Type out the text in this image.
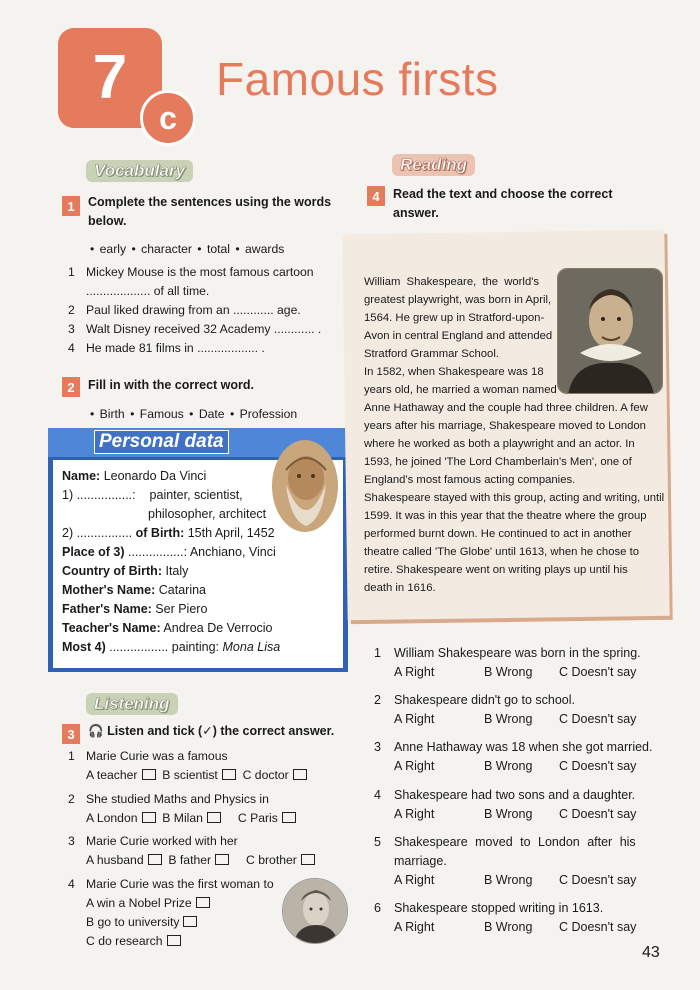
7
c
Famous firsts
Vocabulary
1	Complete the sentences using the words
below.
• early • character • total • awards
1 Mickey Mouse is the most famous cartoon
................... of all time.
2 Paul liked drawing from an ............ age.
3 Walt Disney received 32 Academy ............ .
4 He made 81 films in .................. .
2	Fill in with the correct word.
• Birth • Famous • Date • Profession
Personal data
Name: Leonardo Da Vinci
1) ................: painter, scientist,
philosopher, architect
2) ................ of Birth: 15th April, 1452
Place of 3) ................: Anchiano, Vinci
Country of Birth: Italy
Mother's Name: Catarina
Father's Name: Ser Piero
Teacher's Name: Andrea De Verrocio
Most 4) ................. painting: Mona Lisa
Listening
3	🎧 Listen and tick (✓) the correct answer.
1 Marie Curie was a famous
A teacher B scientist C doctor
2 She studied Maths and Physics in
A London B Milan	C Paris
3 Marie Curie worked with her
A husband B father	C brother
4 Marie Curie was the first woman to
A win a Nobel Prize
B go to university
C do research
Reading
4	Read the text and choose the correct
answer.
William Shakespeare, the world's
greatest playwright, was born in April,
1564. He grew up in Stratford-upon-
Avon in central England and attended
Stratford Grammar School.
In 1582, when Shakespeare was 18
years old, he married a woman named
Anne Hathaway and the couple had three children. A few
years after his marriage, Shakespeare moved to London
where he worked as both a playwright and an actor. In
1593, he joined 'The Lord Chamberlain's Men', one of
England's most famous acting companies.
Shakespeare stayed with this group, acting and writing, until
1599. It was in this year that the theatre where the group
performed burnt down. He continued to act in another
theatre called 'The Globe' until 1613, when he chose to
retire. Shakespeare went on writing plays up until his
death in 1616.
1 William Shakespeare was born in the spring.
A Right	B Wrong C Doesn't say
2 Shakespeare didn't go to school.
A Right	B Wrong C Doesn't say
3 Anne Hathaway was 18 when she got married.
A Right	B Wrong C Doesn't say
4 Shakespeare had two sons and a daughter.
A Right	B Wrong C Doesn't say
5 Shakespeare moved to London after his
marriage.
A Right	B Wrong C Doesn't say
6 Shakespeare stopped writing in 1613.
A Right	B Wrong C Doesn't say
43
